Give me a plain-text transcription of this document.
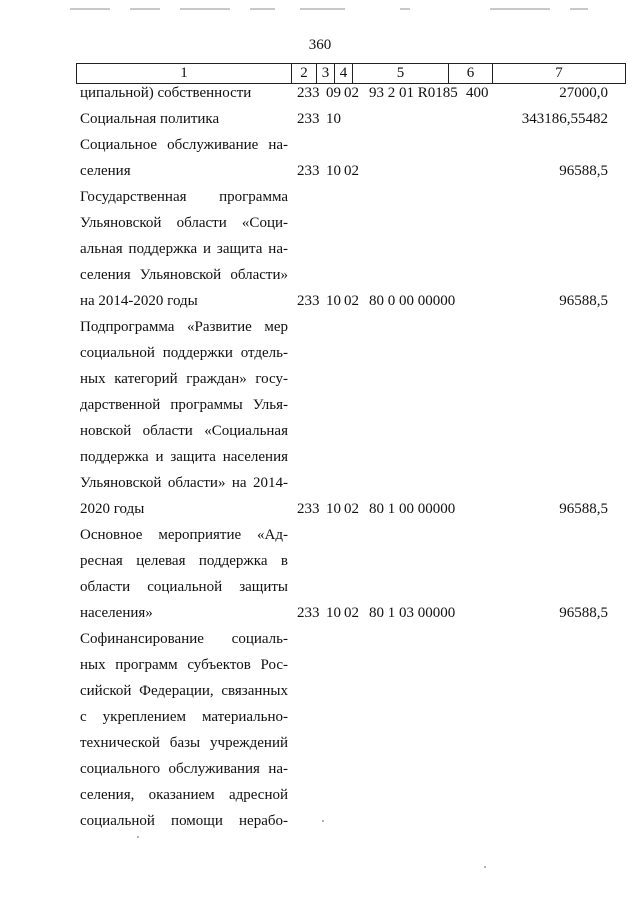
360
1	2 3 4	5	6	7
ципальной) собственности	233 09 02 93 2 01 R0185 400	27000,0
Социальная политика	233 10	343186,55482
Социальное обслуживание на-
селения	233 10 02	96588,5
Государственная программа
Ульяновской области «Соци-
альная поддержка и защита на-
селения Ульяновской области»
на 2014-2020 годы	233 10 02 80 0 00 00000	96588,5
Подпрограмма «Развитие мер
социальной поддержки отдель-
ных категорий граждан» госу-
дарственной программы Улья-
новской области «Социальная
поддержка и защита населения
Ульяновской области» на 2014-
2020 годы	233 10 02 80 1 00 00000	96588,5
Основное мероприятие «Ад-
ресная целевая поддержка в
области социальной защиты
населения»	233 10 02 80 1 03 00000	96588,5
Софинансирование социаль-
ных программ субъектов Рос-
сийской Федерации, связанных
с укреплением материально-
технической базы учреждений
социального обслуживания на-
селения, оказанием адресной
социальной помощи нерабо-
